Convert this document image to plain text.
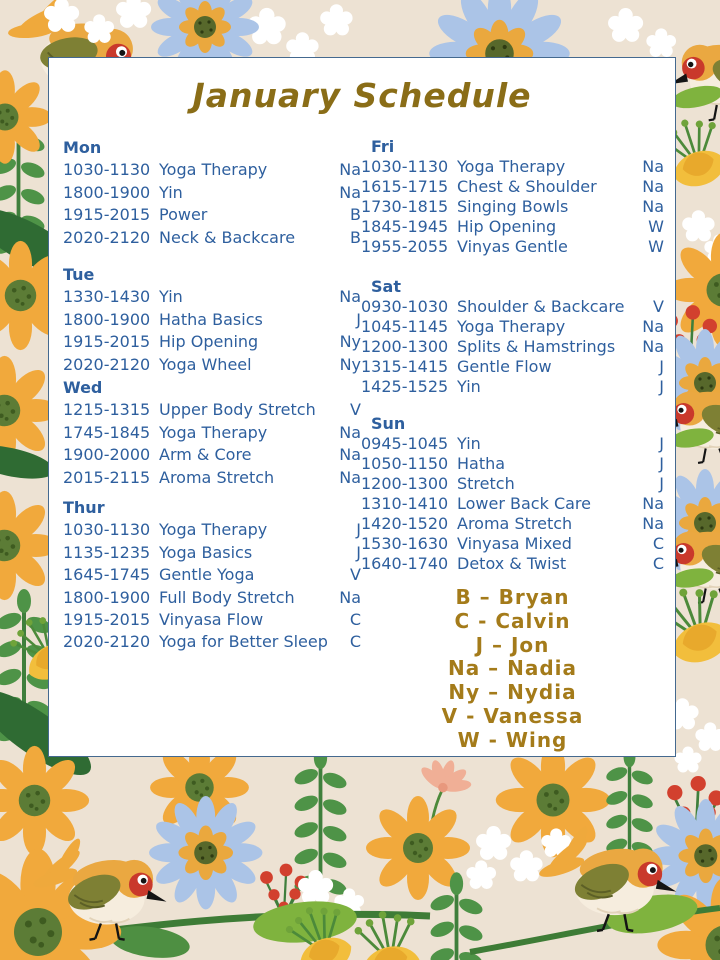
January Schedule
Mon
1030-1130 Yoga Therapy	Na
1800-1900 Yin	Na
1915-2015 Power	B
2020-2120 Neck & Backcare	B
Tue
1330-1430 Yin	Na
1800-1900 Hatha Basics	J
1915-2015 Hip Opening	Ny
2020-2120 Yoga Wheel	Ny
Wed
1215-1315 Upper Body Stretch V
1745-1845 Yoga Therapy	Na
1900-2000 Arm & Core	Na
2015-2115 Aroma Stretch	Na
Thur
1030-1130 Yoga Therapy	J
1135-1235 Yoga Basics	J
1645-1745 Gentle Yoga	V
1800-1900 Full Body Stretch	Na
1915-2015 Vinyasa Flow	C
2020-2120 Yoga for Better Sleep C
Fri
1030-1130 Yoga Therapy	Na
1615-1715 Chest & Shoulder	Na
1730-1815 Singing Bowls	Na
1845-1945 Hip Opening	W
1955-2055 Vinyas Gentle	W
Sat
0930-1030 Shoulder & Backcare V
1045-1145 Yoga Therapy	Na
1200-1300 Splits & Hamstrings Na
1315-1415 Gentle Flow	J
1425-1525 Yin	J
Sun
0945-1045 Yin	J
1050-1150 Hatha	J
1200-1300 Stretch	J
1310-1410 Lower Back Care	Na
1420-1520 Aroma Stretch	Na
1530-1630 Vinyasa Mixed	C
1640-1740 Detox & Twist	C
B – Bryan
C - Calvin
J – Jon
Na – Nadia
Ny – Nydia
V - Vanessa
W - Wing
